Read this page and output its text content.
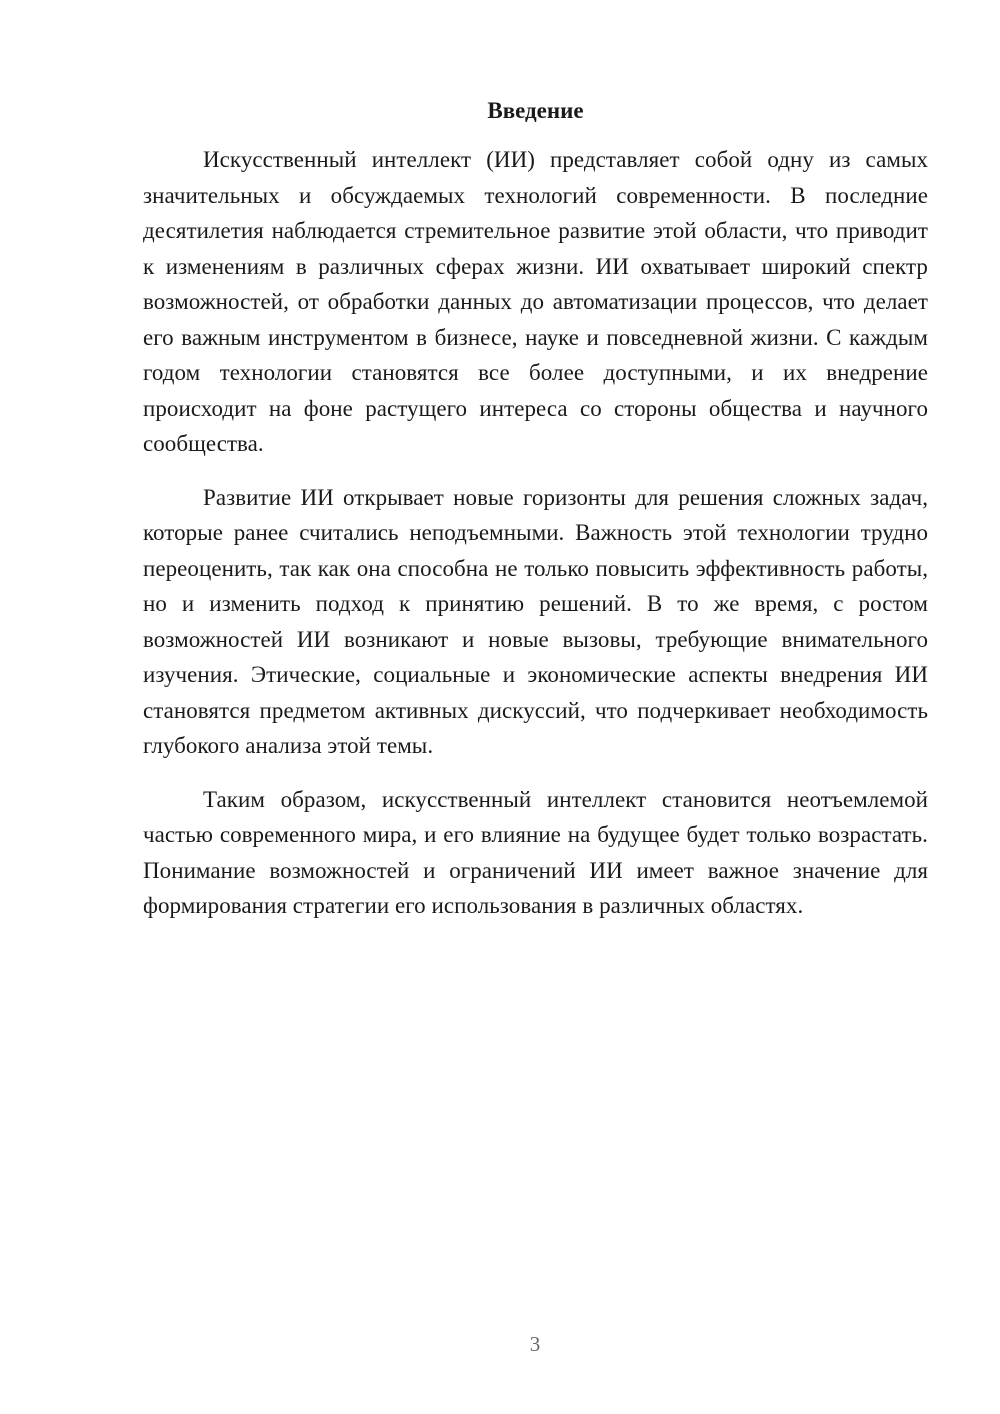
Введение

Искусственный интеллект (ИИ) представляет собой одну из самых значительных и обсуждаемых технологий современности. В последние десятилетия наблюдается стремительное развитие этой области, что приводит к изменениям в различных сферах жизни. ИИ охватывает широкий спектр возможностей, от обработки данных до автоматизации процессов, что делает его важным инструментом в бизнесе, науке и повседневной жизни. С каждым годом технологии становятся все более доступными, и их внедрение происходит на фоне растущего интереса со стороны общества и научного сообщества.

Развитие ИИ открывает новые горизонты для решения сложных задач, которые ранее считались неподъемными. Важность этой технологии трудно переоценить, так как она способна не только повысить эффективность работы, но и изменить подход к принятию решений. В то же время, с ростом возможностей ИИ возникают и новые вызовы, требующие внимательного изучения. Этические, социальные и экономические аспекты внедрения ИИ становятся предметом активных дискуссий, что подчеркивает необходимость глубокого анализа этой темы.

Таким образом, искусственный интеллект становится неотъемлемой частью современного мира, и его влияние на будущее будет только возрастать. Понимание возможностей и ограничений ИИ имеет важное значение для формирования стратегии его использования в различных областях.

3
